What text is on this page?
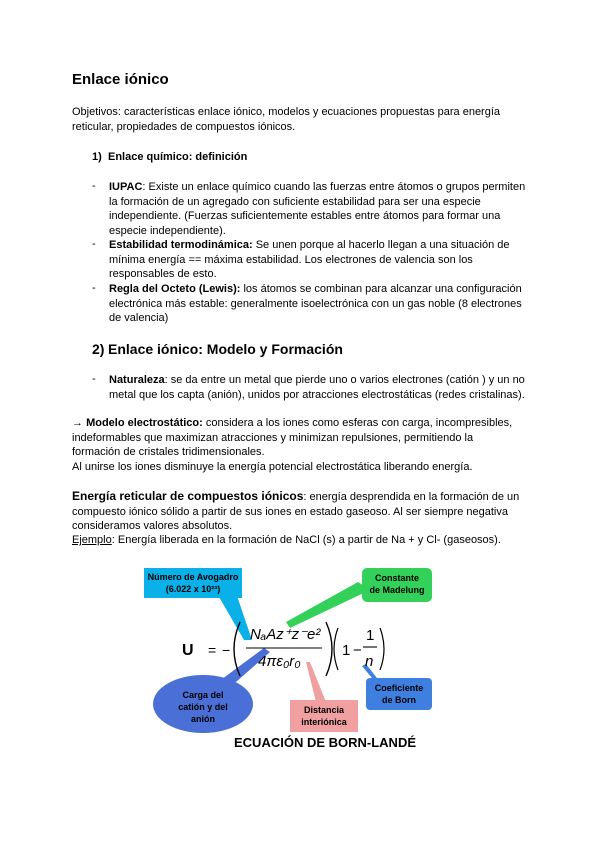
Enlace iónico
Objetivos: características enlace iónico, modelos y ecuaciones propuestas para energía reticular, propiedades de compuestos iónicos.
1) Enlace químico: definición
- IUPAC: Existe un enlace químico cuando las fuerzas entre átomos o grupos permiten la formación de un agregado con suficiente estabilidad para ser una especie independiente. (Fuerzas suficientemente estables entre átomos para formar una especie independiente).
- Estabilidad termodinámica: Se unen porque al hacerlo llegan a una situación de mínima energía == máxima estabilidad. Los electrones de valencia son los responsables de esto.
- Regla del Octeto (Lewis): los átomos se combinan para alcanzar una configuración electrónica más estable: generalmente isoelectrónica con un gas noble (8 electrones de valencia)
2) Enlace iónico: Modelo y Formación
- Naturaleza: se da entre un metal que pierde uno o varios electrones (catión ) y un no metal que los capta (anión), unidos por atracciones electrostáticas (redes cristalinas).
→ Modelo electrostático: considera a los iones como esferas con carga, incompresibles, indeformables que maximizan atracciones y minimizan repulsiones, permitiendo la formación de cristales tridimensionales.
Al unirse los iones disminuye la energía potencial electrostática liberando energía.
Energía reticular de compuestos iónicos: energía desprendida en la formación de un compuesto iónico sólido a partir de sus iones en estado gaseoso. Al ser siempre negativa consideramos valores absolutos.
Ejemplo: Energía liberada en la formación de NaCl (s) a partir de Na + y Cl- (gaseosos).
Número de Avogadro
(6.022 x 10²³)
Constante
de Madelung
U = −
NₐAz⁺z⁻e²
4πε₀r₀
1 −
1
n
Carga del
catión y del
anión
Distancia
interiónica
Coeficiente
de Born
ECUACIÓN DE BORN-LANDÉ
